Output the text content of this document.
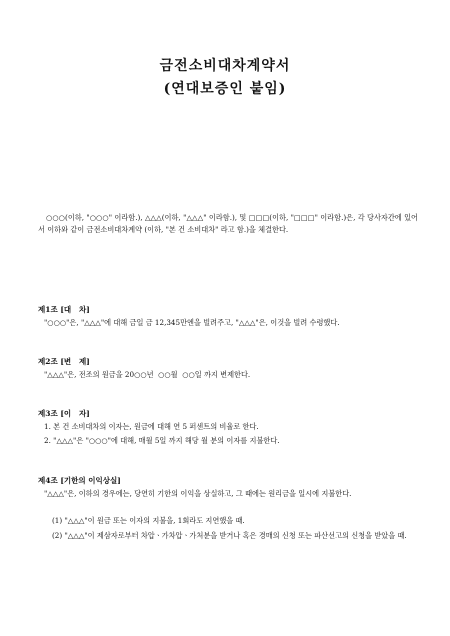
금전소비대차계약서
(연대보증인 붙임)
○○○(이하, "○○○" 이라함.), △△△(이하, "△△△" 이라함.), 및 □□□(이하, "□□□" 이라함.)은, 각 당사자간에 있어서 이하와 같이 금전소비대차계약 (이하, "본 건 소비대차" 라고 함.)을 체결한다.
제1조 [대   차]
"○○○"은, "△△△"에 대해 금일 금 12,345만엔을 빌려주고, "△△△"은, 이것을 빌려 수령했다.
제2조 [변   제]
"△△△"은, 전조의 원금을 20○○년  ○○월  ○○일 까지 변제한다.
제3조 [이   자]
1. 본 건 소비대차의 이자는, 원금에 대해 연 5 퍼센트의 비율로 한다.
2. "△△△"은 "○○○"에 대해, 매월 5일 까지 해당 월 분의 이자를 지불한다.
제4조 [기한의 이익상실]
"△△△"은, 이하의 경우에는, 당연히 기한의 이익을 상실하고, 그 때에는 원리금을 일시에 지불한다.
(1) "△△△"이 원금 또는 이자의 지불을, 1회라도 지연했을 때.
(2) "△△△"이 제삼자로부터 차압ㆍ가차압ㆍ가처분을 받거나 혹은 경매의 신청 또는 파산선고의 신청을 받았을 때.
